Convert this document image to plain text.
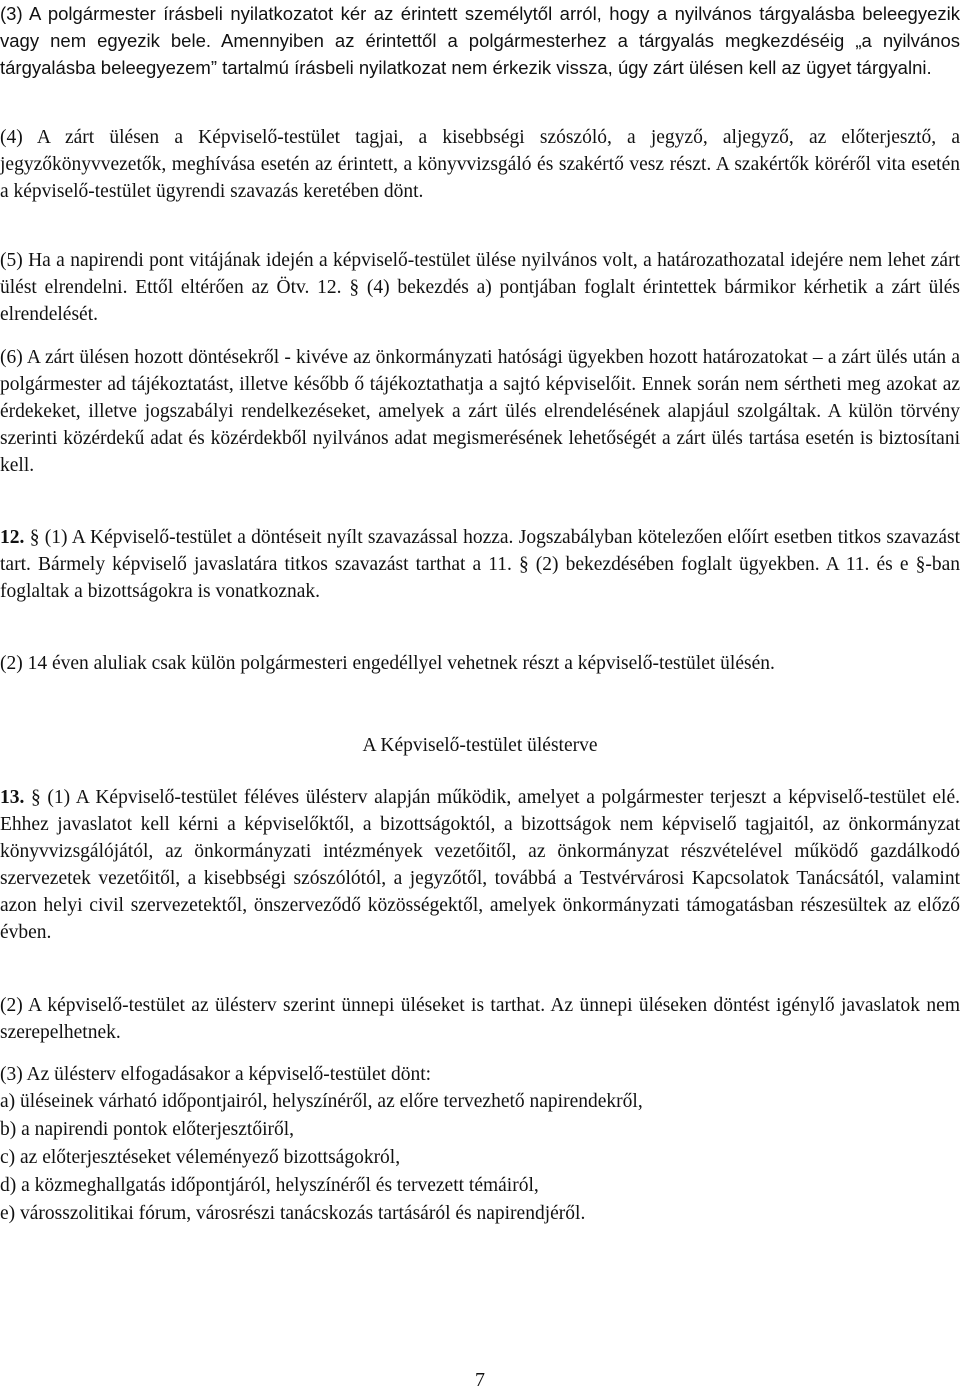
(3) A polgármester írásbeli nyilatkozatot kér az érintett személytől arról, hogy a nyilvános tárgyalásba beleegyezik vagy nem egyezik bele. Amennyiben az érintettől a polgármesterhez a tárgyalás megkezdéséig „a nyilvános tárgyalásba beleegyezem” tartalmú írásbeli nyilatkozat nem érkezik vissza, úgy zárt ülésen kell az ügyet tárgyalni.

(4) A zárt ülésen a Képviselő-testület tagjai, a kisebbségi szószóló, a jegyző, aljegyző, az előterjesztő, a jegyzőkönyvvezetők, meghívása esetén az érintett, a könyvvizsgáló és szakértő vesz részt. A szakértők köréről vita esetén a képviselő-testület ügyrendi szavazás keretében dönt.

(5) Ha a napirendi pont vitájának idején a képviselő-testület ülése nyilvános volt, a határozathozatal idejére nem lehet zárt ülést elrendelni. Ettől eltérően az Ötv. 12. § (4) bekezdés a) pontjában foglalt érintettek bármikor kérhetik a zárt ülés elrendelését.

(6) A zárt ülésen hozott döntésekről - kivéve az önkormányzati hatósági ügyekben hozott határozatokat – a zárt ülés után a polgármester ad tájékoztatást, illetve később ő tájékoztathatja a sajtó képviselőit. Ennek során nem sértheti meg azokat az érdekeket, illetve jogszabályi rendelkezéseket, amelyek a zárt ülés elrendelésének alapjául szolgáltak. A külön törvény szerinti közérdekű adat és közérdekből nyilvános adat megismerésének lehetőségét a zárt ülés tartása esetén is biztosítani kell.

12. § (1) A Képviselő-testület a döntéseit nyílt szavazással hozza. Jogszabályban kötelezően előírt esetben titkos szavazást tart. Bármely képviselő javaslatára titkos szavazást tarthat a 11. § (2) bekezdésében foglalt ügyekben. A 11. és e §-ban foglaltak a bizottságokra is vonatkoznak.

(2) 14 éven aluliak csak külön polgármesteri engedéllyel vehetnek részt a képviselő-testület ülésén.

A Képviselő-testület üléstervе

13. § (1) A Képviselő-testület féléves ülésterv alapján működik, amelyet a polgármester terjeszt a képviselő-testület elé. Ehhez javaslatot kell kérni a képviselőktől, a bizottságoktól, a bizottságok nem képviselő tagjaitól, az önkormányzat könyvvizsgálójától, az önkormányzati intézmények vezetőitől, az önkormányzat részvételével működő gazdálkodó szervezetek vezetőitől, a kisebbségi szószólótól, a jegyzőtől, továbbá a Testvérvárosi Kapcsolatok Tanácsától, valamint azon helyi civil szervezetektől, önszerveződő közösségektől, amelyek önkormányzati támogatásban részesültek az előző évben.

(2) A képviselő-testület az ülésterv szerint ünnepi üléseket is tarthat. Az ünnepi üléseken döntést igénylő javaslatok nem szerepelhetnek.

(3) Az ülésterv elfogadásakor a képviselő-testület dönt:

a) üléseinek várható időpontjairól, helyszínéről, az előre tervezhető napirendekről,

b) a napirendi pontok előterjesztőiről,

c) az előterjesztéseket véleményező bizottságokról,

d) a közmeghallgatás időpontjáról, helyszínéről és tervezett témáiról,

e) városszolitikai fórum, városrészi tanácskozás tartásáról és napirendjéről.

7
